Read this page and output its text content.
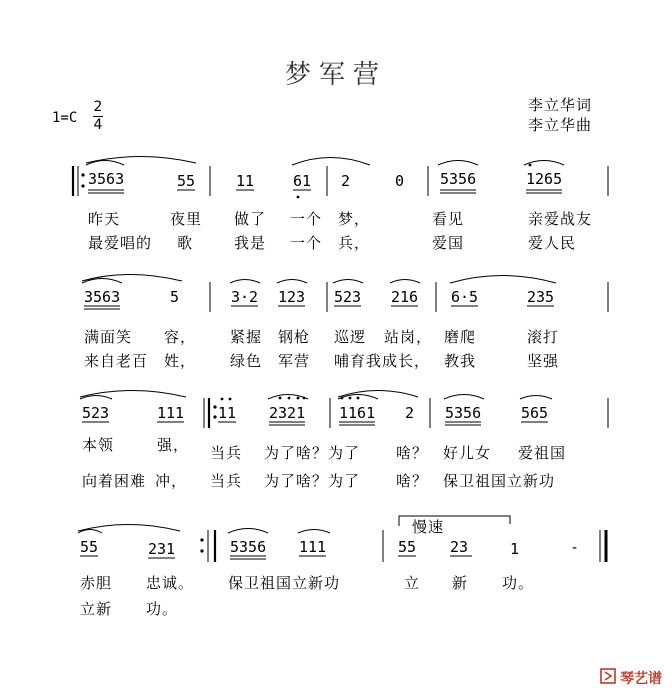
梦军营
1=C
2
4
李立华词
李立华曲
3563	55	11	61 2	0 5356	1265
昨天	夜里 做了 一个 梦，	看见	亲爱战友
最爱唱的 歌	我是 一个 兵，	爱国	爱人民
3563	5	3·2 123 523 216 6·5	235
满面笑 容， 紧握 钢枪 巡逻 站岗， 磨爬	滚打
来自老百 姓， 绿色 军营 哺育我成长， 教我	坚强
523	111 11 2321 1161 2 5356	565
本领	强， 当兵 为了啥？为了 啥？ 好儿女 爱祖国
向着困难 冲， 当兵 为了啥？为了 啥？ 保卫祖国立新功
55	231	5356 111	55 23	1	-
赤胆 忠诚。 保卫祖国立新功	立 新 功。
立新 功。
慢速
琴艺谱
